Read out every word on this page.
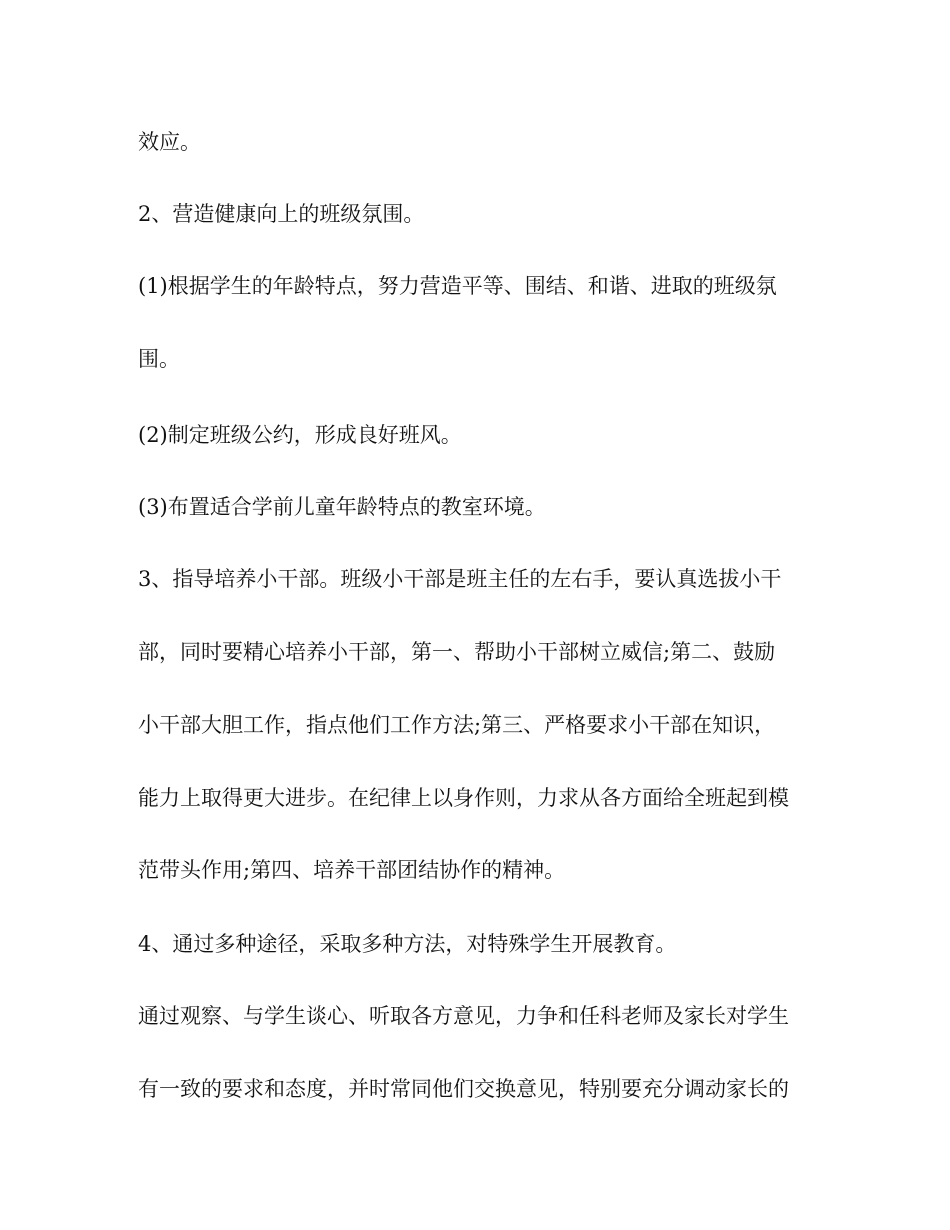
效应。
2、营造健康向上的班级氛围。
(1)根据学生的年龄特点，努力营造平等、围结、和谐、进取的班级氛
围。
(2)制定班级公约，形成良好班风。
(3)布置适合学前儿童年龄特点的教室环境。
3、指导培养小干部。班级小干部是班主任的左右手，要认真选拔小干
部，同时要精心培养小干部，第一、帮助小干部树立威信;第二、鼓励
小干部大胆工作，指点他们工作方法;第三、严格要求小干部在知识，
能力上取得更大进步。在纪律上以身作则，力求从各方面给全班起到模
范带头作用;第四、培养干部团结协作的精神。
4、通过多种途径，采取多种方法，对特殊学生开展教育。
通过观察、与学生谈心、听取各方意见，力争和任科老师及家长对学生
有一致的要求和态度，并时常同他们交换意见，特别要充分调动家长的
